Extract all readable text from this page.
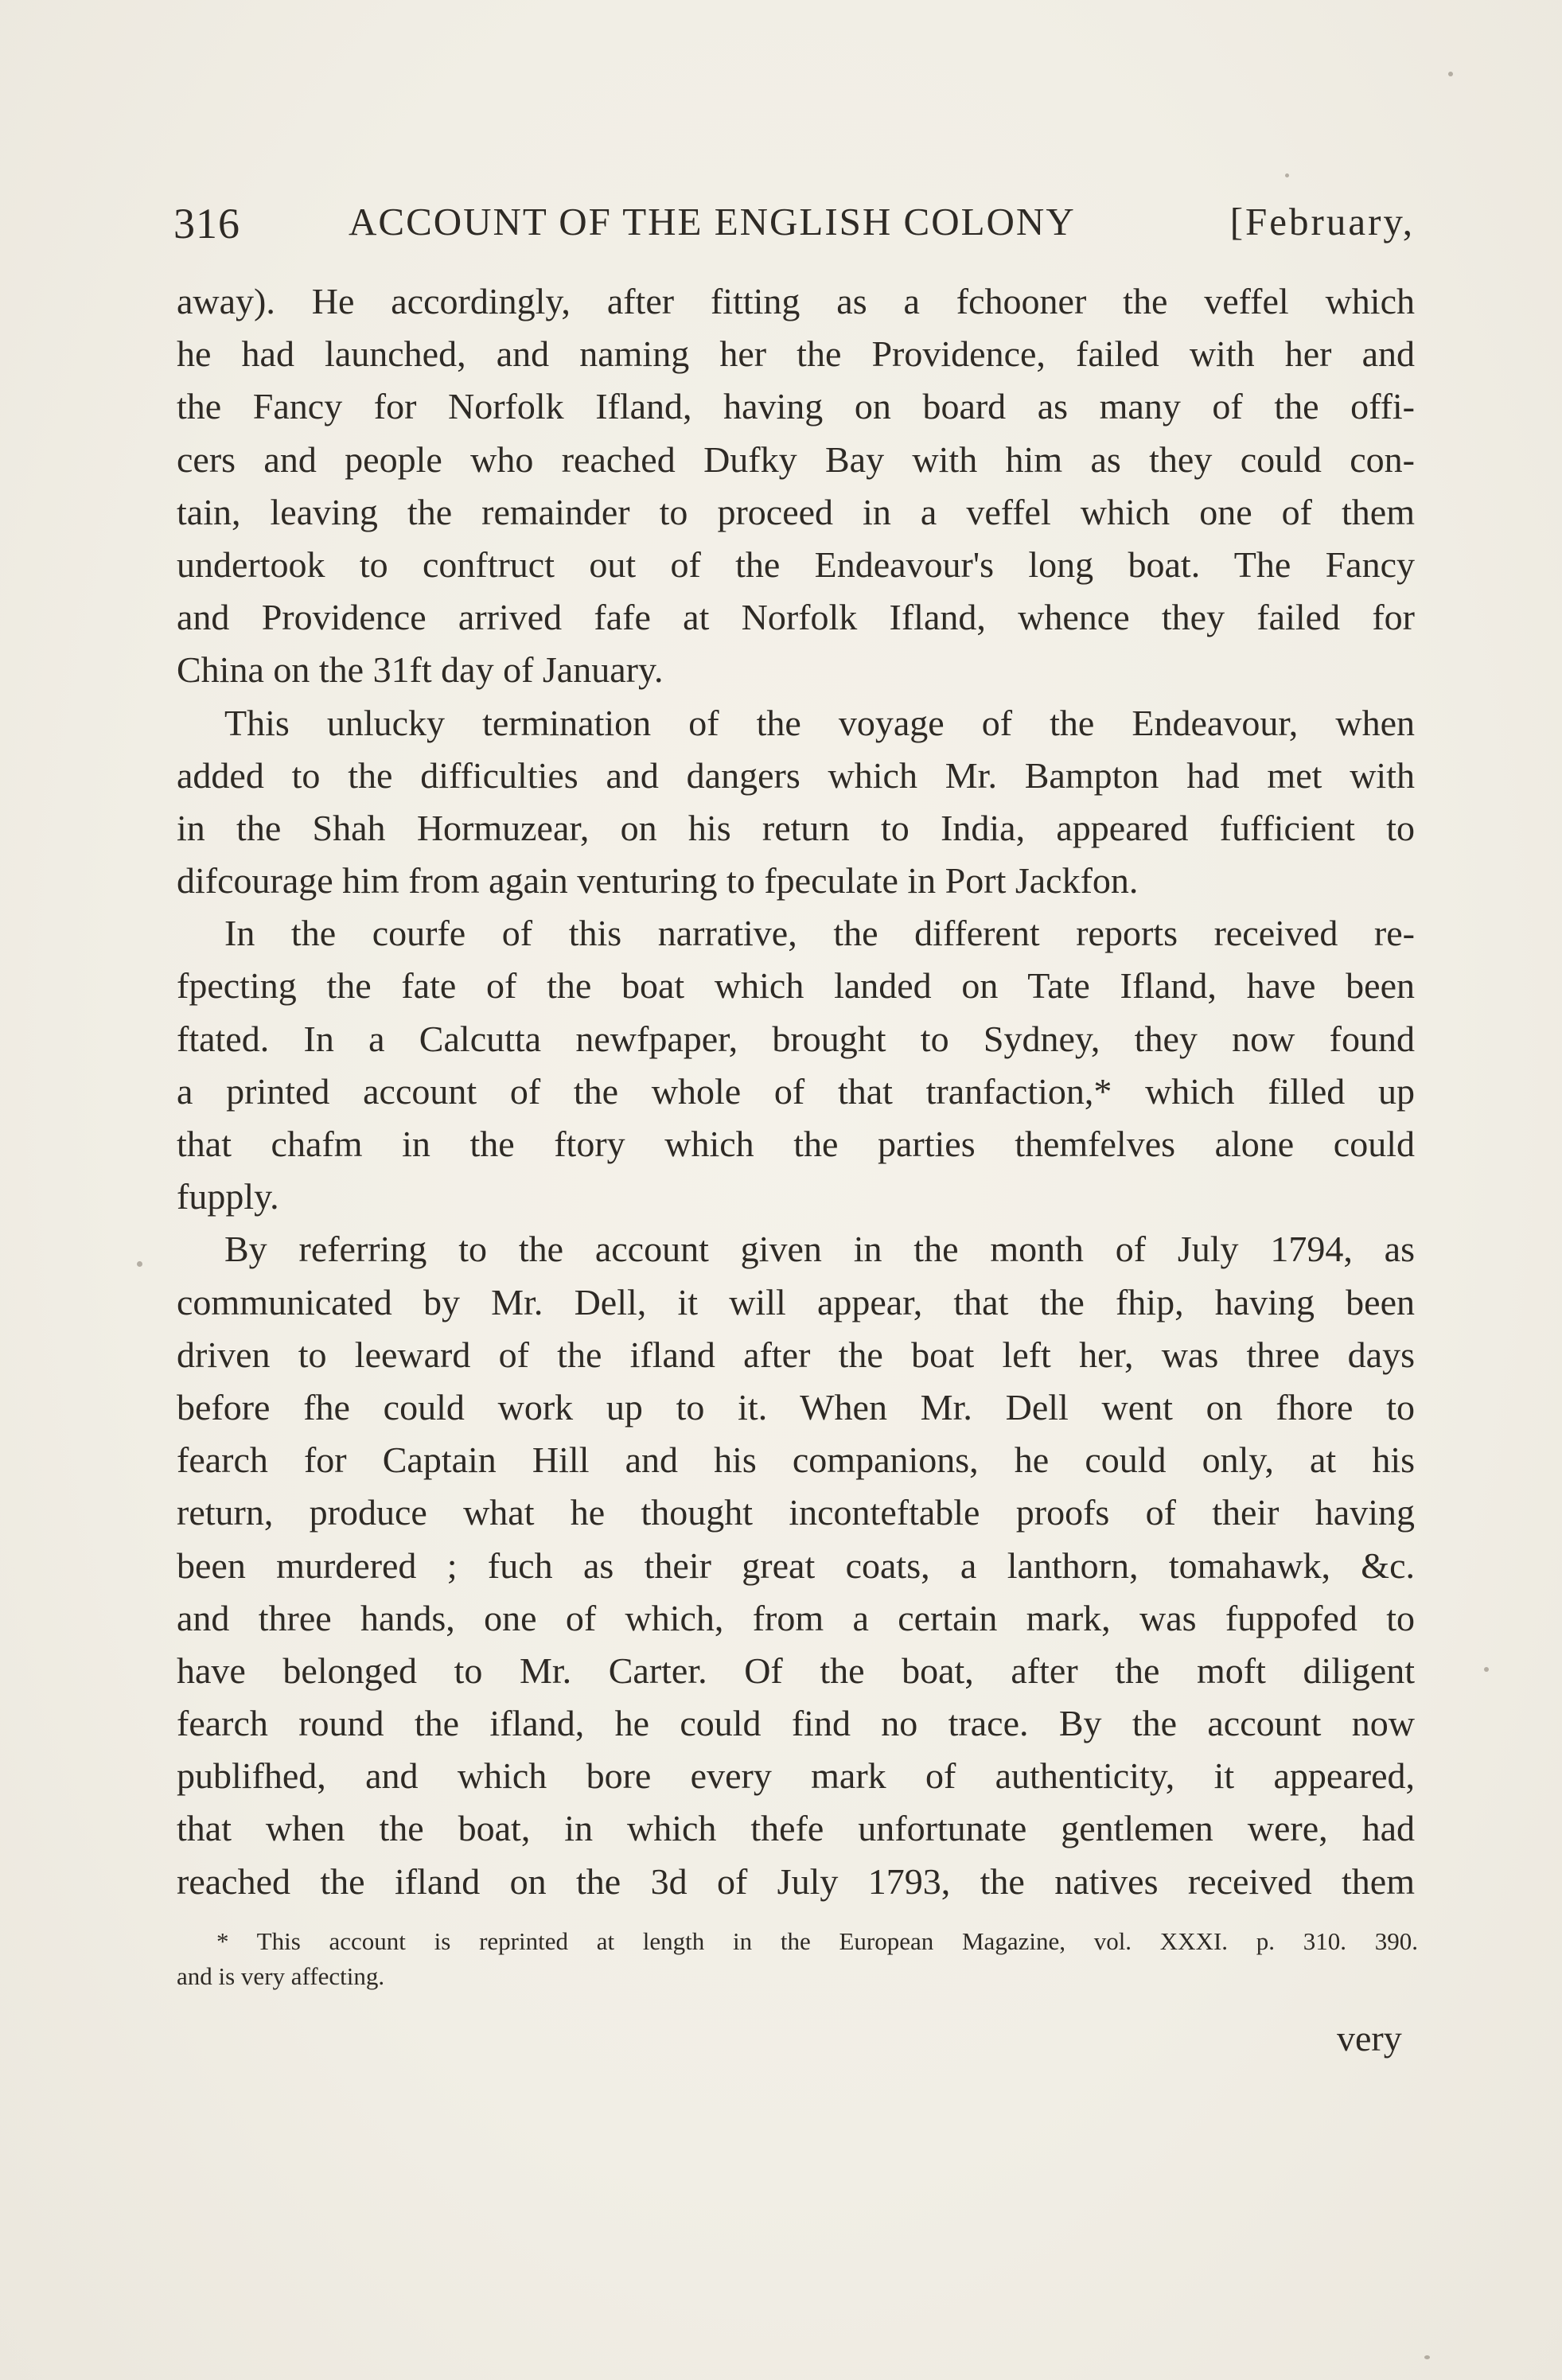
316	ACCOUNT OF THE ENGLISH COLONY	[February,
away). He accordingly, after fitting as a fchooner the veffel which
he had launched, and naming her the Providence, failed with her and
the Fancy for Norfolk Ifland, having on board as many of the offi-
cers and people who reached Dufky Bay with him as they could con-
tain, leaving the remainder to proceed in a veffel which one of them
undertook to conftruct out of the Endeavour's long boat. The Fancy
and Providence arrived fafe at Norfolk Ifland, whence they failed for
China on the 31ft day of January.
This unlucky termination of the voyage of the Endeavour, when
added to the difficulties and dangers which Mr. Bampton had met with
in the Shah Hormuzear, on his return to India, appeared fufficient to
difcourage him from again venturing to fpeculate in Port Jackfon.
In the courfe of this narrative, the different reports received re-
fpecting the fate of the boat which landed on Tate Ifland, have been
ftated. In a Calcutta newfpaper, brought to Sydney, they now found
a printed account of the whole of that tranfaction,* which filled up
that chafm in the ftory which the parties themfelves alone could
fupply.
By referring to the account given in the month of July 1794, as
communicated by Mr. Dell, it will appear, that the fhip, having been
driven to leeward of the ifland after the boat left her, was three days
before fhe could work up to it. When Mr. Dell went on fhore to
fearch for Captain Hill and his companions, he could only, at his
return, produce what he thought inconteftable proofs of their having
been murdered ; fuch as their great coats, a lanthorn, tomahawk, &c.
and three hands, one of which, from a certain mark, was fuppofed to
have belonged to Mr. Carter. Of the boat, after the moft diligent
fearch round the ifland, he could find no trace. By the account now
publifhed, and which bore every mark of authenticity, it appeared,
that when the boat, in which thefe unfortunate gentlemen were, had
reached the ifland on the 3d of July 1793, the natives received them
* This account is reprinted at length in the European Magazine, vol. XXXI. p. 310. 390.
and is very affecting.
very
